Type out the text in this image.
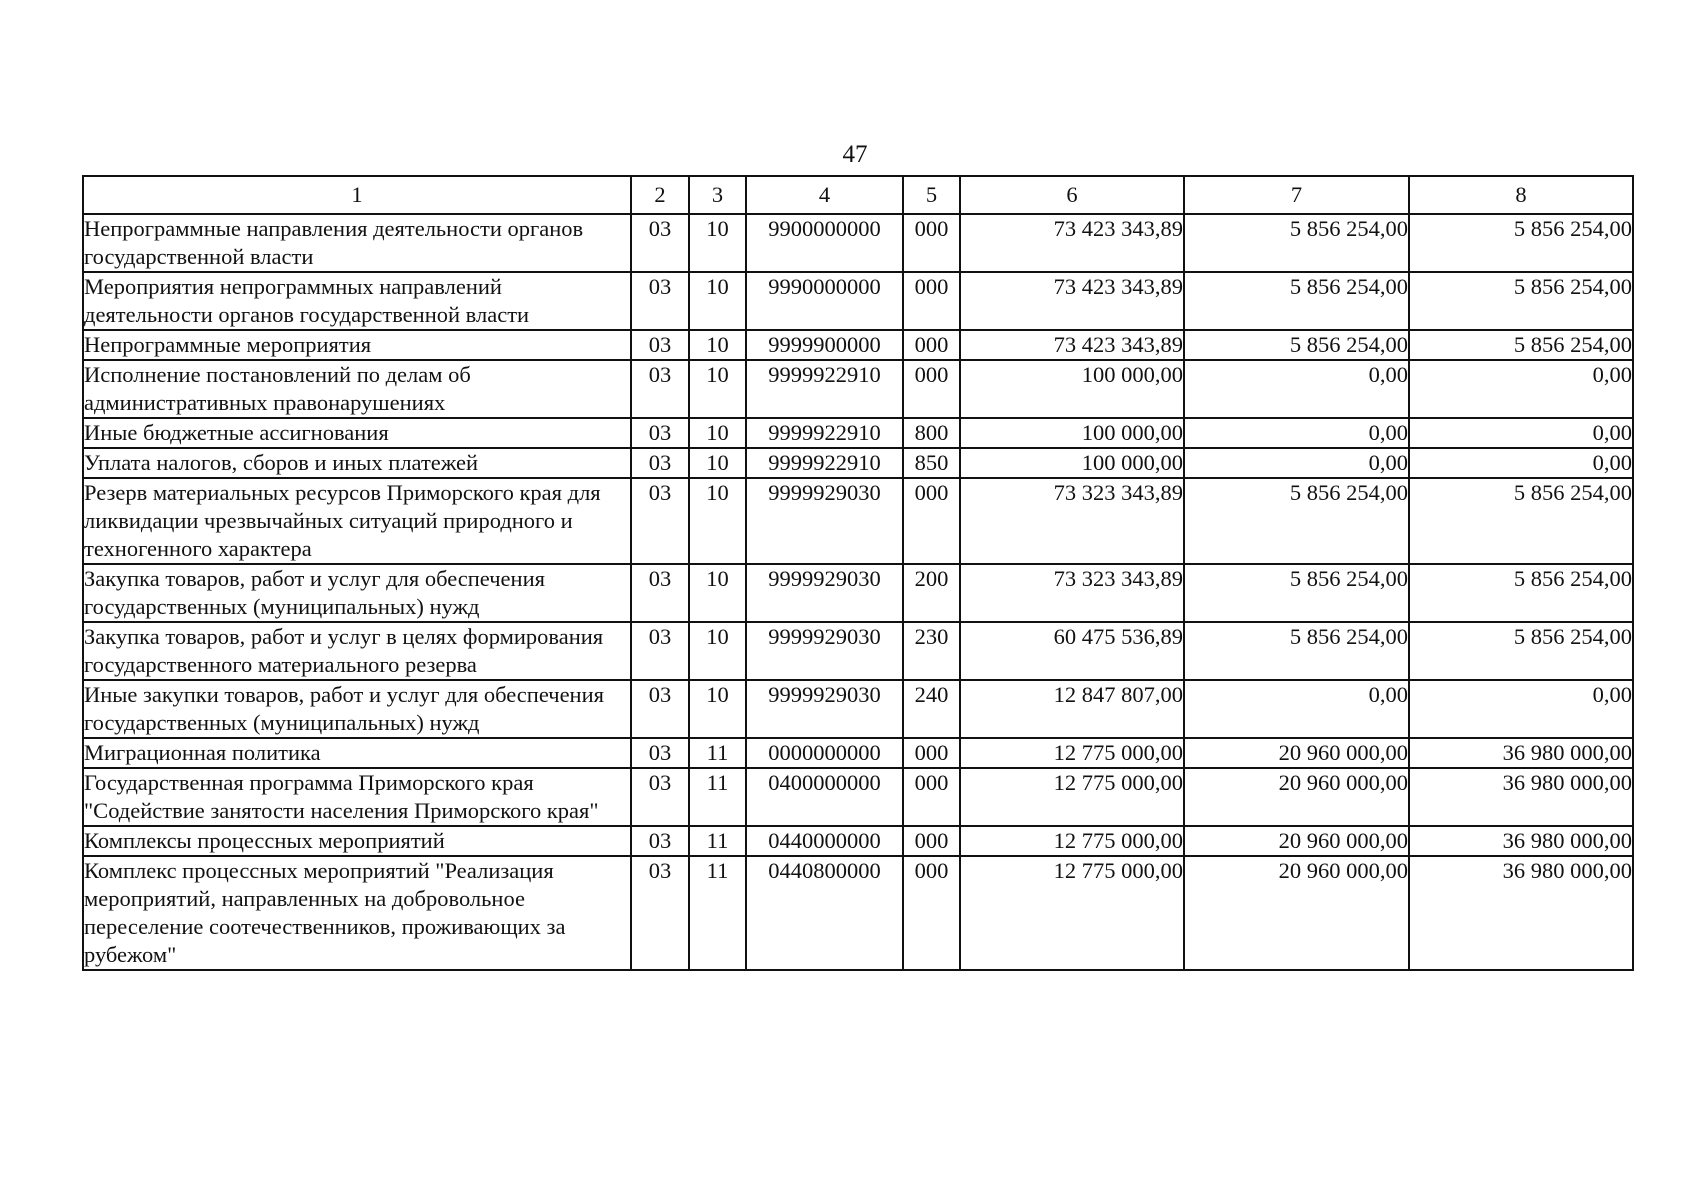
47
1	2	3	4	5	6	7	8
Непрограммные направления деятельности органов государственной власти	03	10	9900000000	000	73 423 343,89	5 856 254,00	5 856 254,00
Мероприятия непрограммных направлений деятельности органов государственной власти	03	10	9990000000	000	73 423 343,89	5 856 254,00	5 856 254,00
Непрограммные мероприятия	03	10	9999900000	000	73 423 343,89	5 856 254,00	5 856 254,00
Исполнение постановлений по делам об административных правонарушениях	03	10	9999922910	000	100 000,00	0,00	0,00
Иные бюджетные ассигнования	03	10	9999922910	800	100 000,00	0,00	0,00
Уплата налогов, сборов и иных платежей	03	10	9999922910	850	100 000,00	0,00	0,00
Резерв материальных ресурсов Приморского края для ликвидации чрезвычайных ситуаций природного и техногенного характера	03	10	9999929030	000	73 323 343,89	5 856 254,00	5 856 254,00
Закупка товаров, работ и услуг для обеспечения государственных (муниципальных) нужд	03	10	9999929030	200	73 323 343,89	5 856 254,00	5 856 254,00
Закупка товаров, работ и услуг в целях формирования государственного материального резерва	03	10	9999929030	230	60 475 536,89	5 856 254,00	5 856 254,00
Иные закупки товаров, работ и услуг для обеспечения государственных (муниципальных) нужд	03	10	9999929030	240	12 847 807,00	0,00	0,00
Миграционная политика	03	11	0000000000	000	12 775 000,00	20 960 000,00	36 980 000,00
Государственная программа Приморского края "Содействие занятости населения Приморского края"	03	11	0400000000	000	12 775 000,00	20 960 000,00	36 980 000,00
Комплексы процессных мероприятий	03	11	0440000000	000	12 775 000,00	20 960 000,00	36 980 000,00
Комплекс процессных мероприятий "Реализация мероприятий, направленных на добровольное переселение соотечественников, проживающих за рубежом"	03	11	0440800000	000	12 775 000,00	20 960 000,00	36 980 000,00
